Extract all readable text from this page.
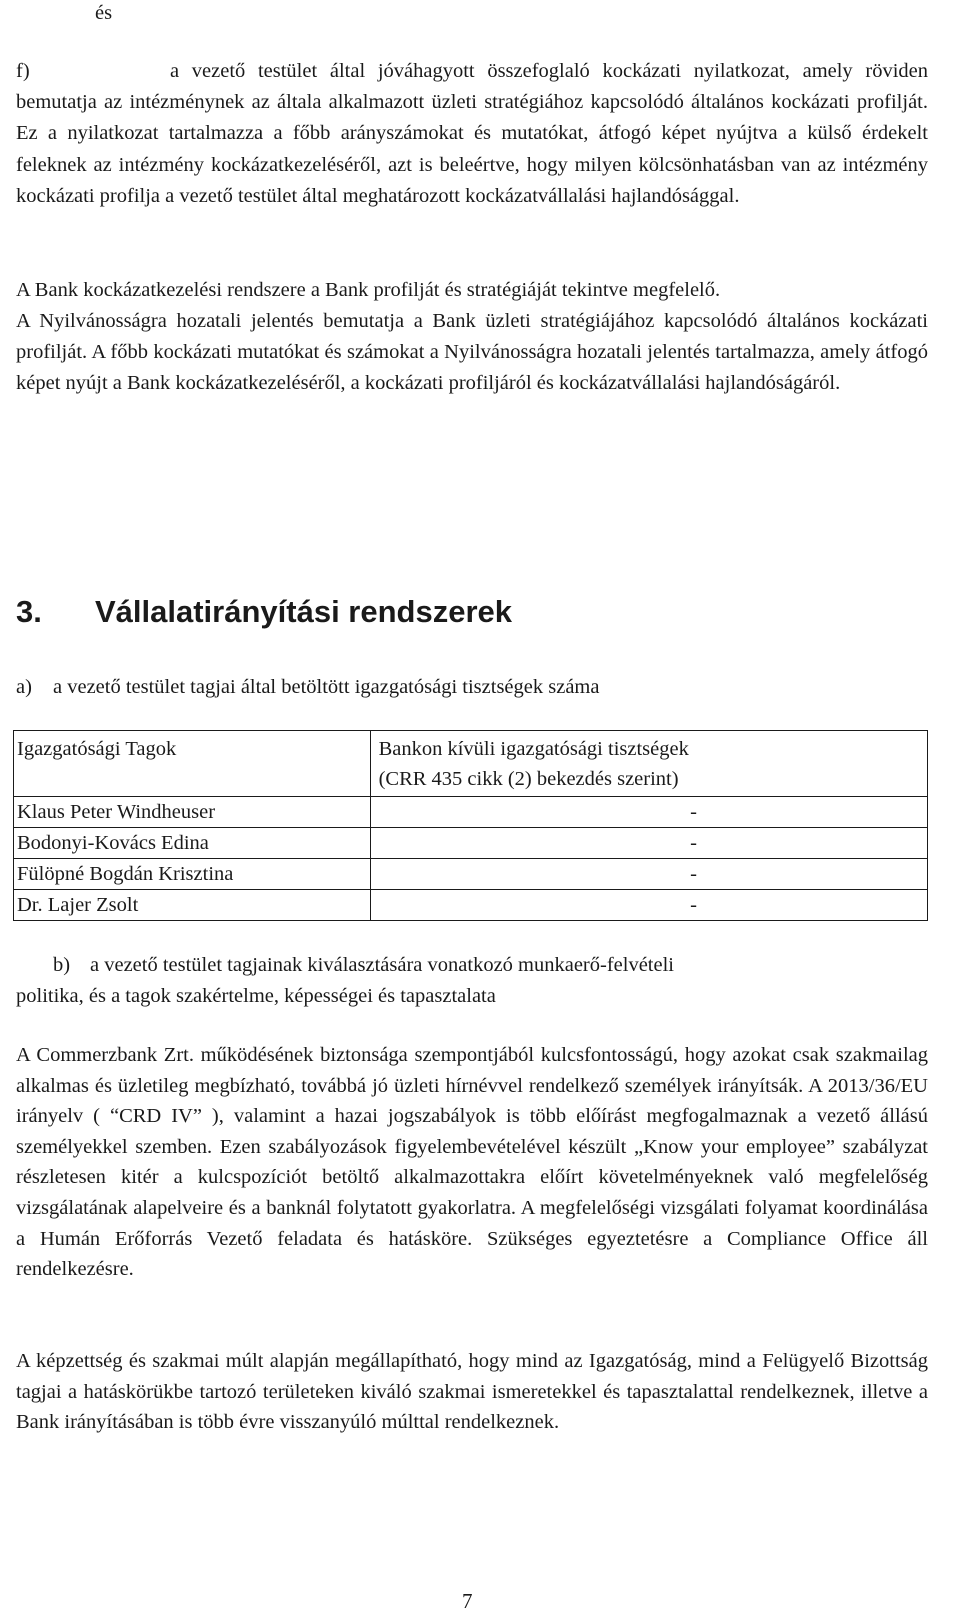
és

f)	a vezető testület által jóváhagyott összefoglaló kockázati nyilatkozat, amely röviden bemutatja az intézménynek az általa alkalmazott üzleti stratégiához kapcsolódó általános kockázati profilját. Ez a nyilatkozat tartalmazza a főbb arányszámokat és mutatókat, átfogó képet nyújtva a külső érdekelt feleknek az intézmény kockázatkezeléséről, azt is beleértve, hogy milyen kölcsönhatásban van az intézmény kockázati profilja a vezető testület által meghatározott kockázatvállalási hajlandósággal.

A Bank kockázatkezelési rendszere a Bank profilját és stratégiáját tekintve megfelelő.

A Nyilvánosságra hozatali jelentés bemutatja a Bank üzleti stratégiájához kapcsolódó általános kockázati profilját. A főbb kockázati mutatókat és számokat a Nyilvánosságra hozatali jelentés tartalmazza, amely átfogó képet nyújt a Bank kockázatkezeléséről, a kockázati profiljáról és kockázatvállalási hajlandóságáról.

3. Vállalatirányítási rendszerek
a) a vezető testület tagjai által betöltött igazgatósági tisztségek száma
Igazgatósági Tagok	Bankon kívüli igazgatósági tisztségek
(CRR 435 cikk (2) bekezdés szerint)
Klaus Peter Windheuser	-
Bodonyi-Kovács Edina	-
Fülöpné Bogdán Krisztina	-
Dr. Lajer Zsolt	-
b) a vezető testület tagjainak kiválasztására vonatkozó munkaerő-felvételi
politika, és a tagok szakértelme, képességei és tapasztalata

A Commerzbank Zrt. működésének biztonsága szempontjából kulcsfontosságú, hogy azokat csak szakmailag alkalmas és üzletileg megbízható, továbbá jó üzleti hírnévvel rendelkező személyek irányítsák. A 2013/36/EU irányelv ( “CRD IV” ), valamint a hazai jogszabályok is több előírást megfogalmaznak a vezető állású személyekkel szemben. Ezen szabályozások figyelembevételével készült „Know your employee” szabályzat részletesen kitér a kulcspozíciót betöltő alkalmazottakra előírt követelményeknek való megfelelőség vizsgálatának alapelveire és a banknál folytatott gyakorlatra. A megfelelőségi vizsgálati folyamat koordinálása a Humán Erőforrás Vezető feladata és hatásköre. Szükséges egyeztetésre a Compliance Office áll rendelkezésre.

A képzettség és szakmai múlt alapján megállapítható, hogy mind az Igazgatóság, mind a Felügyelő Bizottság tagjai a hatáskörükbe tartozó területeken kiváló szakmai ismeretekkel és tapasztalattal rendelkeznek, illetve a Bank irányításában is több évre visszanyúló múlttal rendelkeznek.

7
